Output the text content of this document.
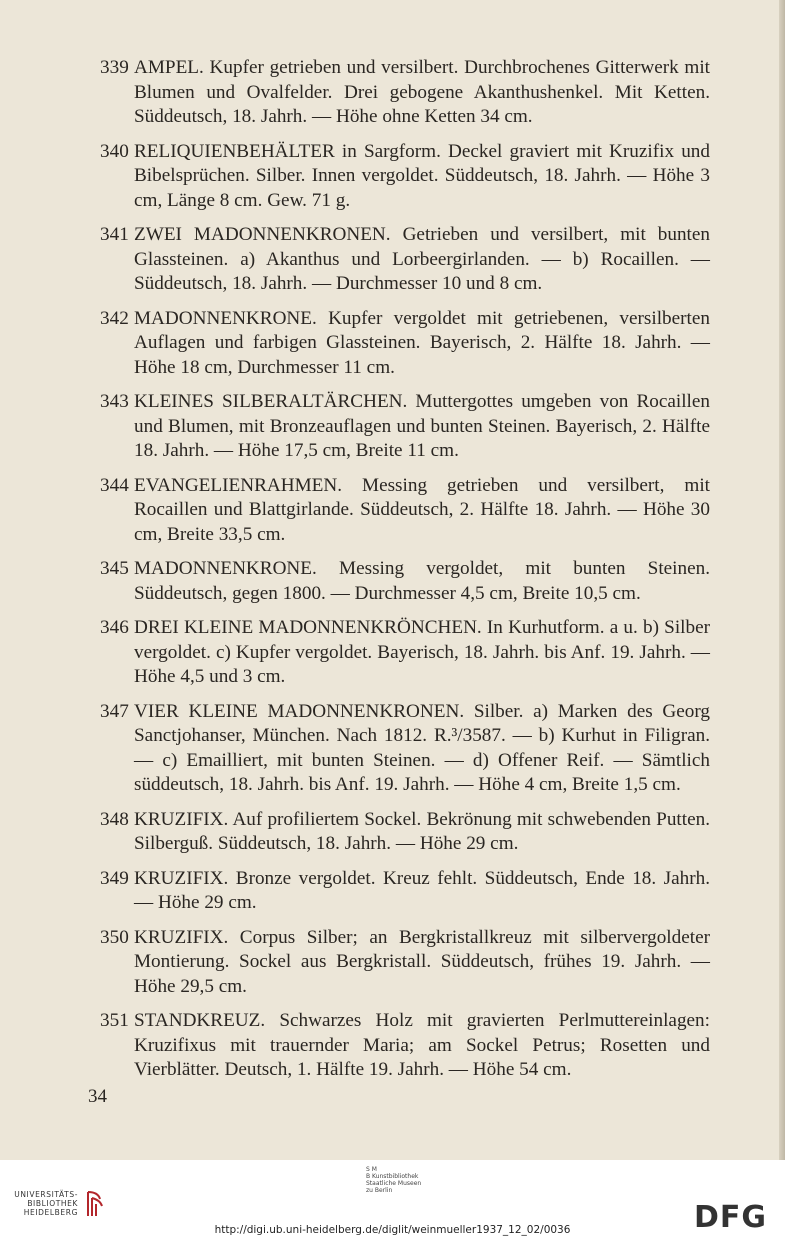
339 AMPEL. Kupfer getrieben und versilbert. Durchbrochenes Gitterwerk mit Blumen und Ovalfelder. Drei gebogene Akanthushenkel. Mit Ketten. Süddeutsch, 18. Jahrh. — Höhe ohne Ketten 34 cm.
340 RELIQUIENBEHÄLTER in Sargform. Deckel graviert mit Kruzifix und Bibelsprüchen. Silber. Innen vergoldet. Süddeutsch, 18. Jahrh. — Höhe 3 cm, Länge 8 cm. Gew. 71 g.
341 ZWEI MADONNENKRONEN. Getrieben und versilbert, mit bunten Glassteinen. a) Akanthus und Lorbeergirlanden. — b) Rocaillen. — Süddeutsch, 18. Jahrh. — Durchmesser 10 und 8 cm.
342 MADONNENKRONE. Kupfer vergoldet mit getriebenen, versilberten Auflagen und farbigen Glassteinen. Bayerisch, 2. Hälfte 18. Jahrh. — Höhe 18 cm, Durchmesser 11 cm.
343 KLEINES SILBERALTÄRCHEN. Muttergottes umgeben von Rocaillen und Blumen, mit Bronzeauflagen und bunten Steinen. Bayerisch, 2. Hälfte 18. Jahrh. — Höhe 17,5 cm, Breite 11 cm.
344 EVANGELIENRAHMEN. Messing getrieben und versilbert, mit Rocaillen und Blattgirlande. Süddeutsch, 2. Hälfte 18. Jahrh. — Höhe 30 cm, Breite 33,5 cm.
345 MADONNENKRONE. Messing vergoldet, mit bunten Steinen. Süddeutsch, gegen 1800. — Durchmesser 4,5 cm, Breite 10,5 cm.
346 DREI KLEINE MADONNENKRÖNCHEN. In Kurhutform. a u. b) Silber vergoldet. c) Kupfer vergoldet. Bayerisch, 18. Jahrh. bis Anf. 19. Jahrh. — Höhe 4,5 und 3 cm.
347 VIER KLEINE MADONNENKRONEN. Silber. a) Marken des Georg Sanctjohanser, München. Nach 1812. R.³/3587. — b) Kurhut in Filigran. — c) Emailliert, mit bunten Steinen. — d) Offener Reif. — Sämtlich süddeutsch, 18. Jahrh. bis Anf. 19. Jahrh. — Höhe 4 cm, Breite 1,5 cm.
348 KRUZIFIX. Auf profiliertem Sockel. Bekrönung mit schwebenden Putten. Silberguß. Süddeutsch, 18. Jahrh. — Höhe 29 cm.
349 KRUZIFIX. Bronze vergoldet. Kreuz fehlt. Süddeutsch, Ende 18. Jahrh. — Höhe 29 cm.
350 KRUZIFIX. Corpus Silber; an Bergkristallkreuz mit silbervergoldeter Montierung. Sockel aus Bergkristall. Süddeutsch, frühes 19. Jahrh. — Höhe 29,5 cm.
351 STANDKREUZ. Schwarzes Holz mit gravierten Perlmuttereinlagen: Kruzifixus mit trauernder Maria; am Sockel Petrus; Rosetten und Vierblätter. Deutsch, 1. Hälfte 19. Jahrh. — Höhe 54 cm.
34
UNIVERSITÄTS-
BIBLIOTHEK
HEIDELBERG
S M
B Kunstbibliothek
Staatliche Museen
zu Berlin
DFG
http://digi.ub.uni-heidelberg.de/diglit/weinmueller1937_12_02/0036
